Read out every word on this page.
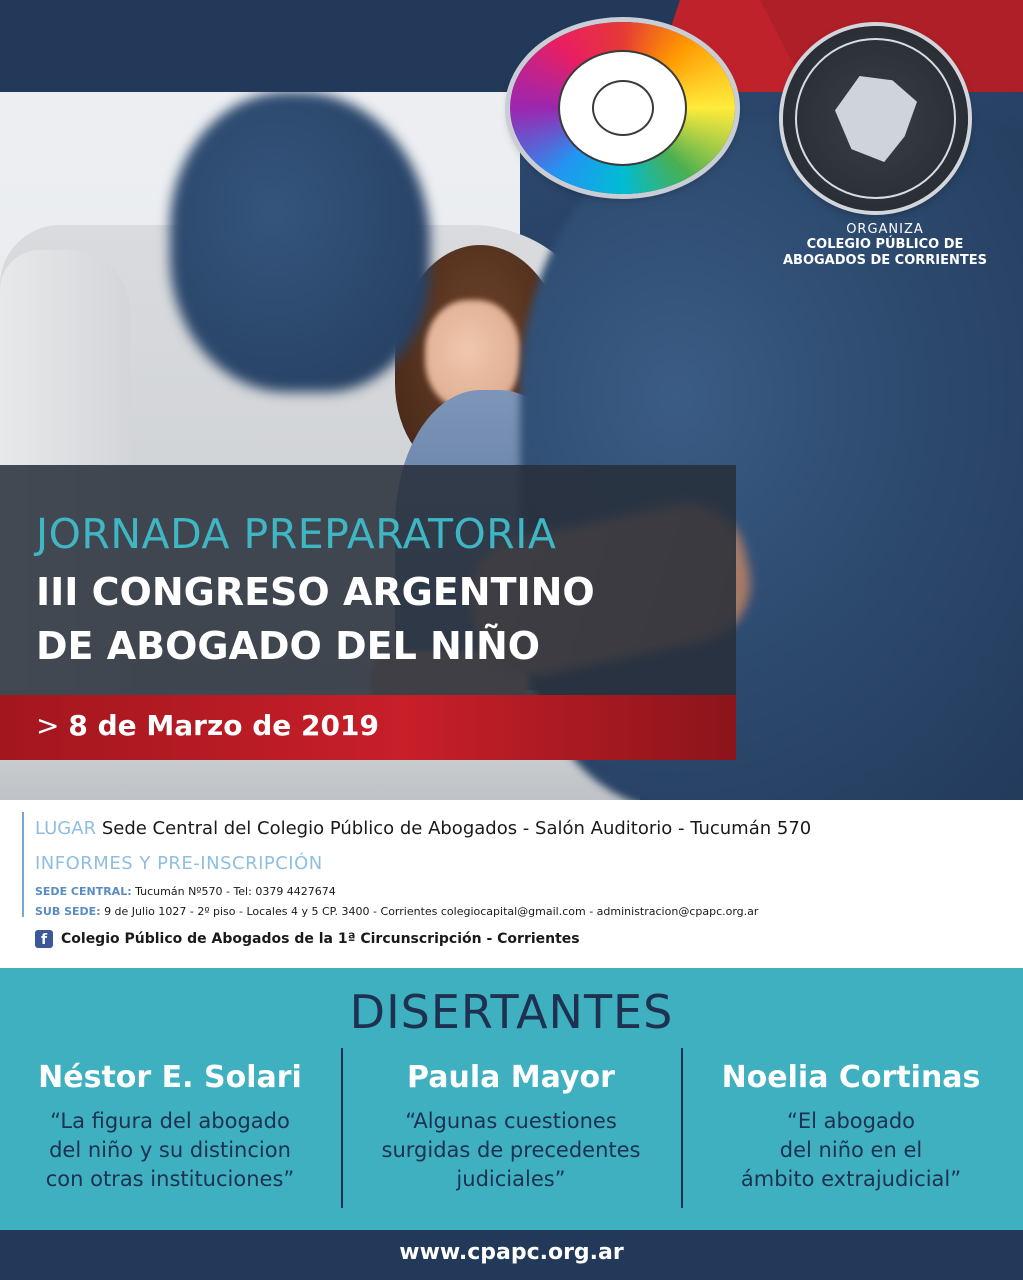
ORGANIZA
COLEGIO PÚBLICO DE
ABOGADOS DE CORRIENTES
JORNADA PREPARATORIA
III CONGRESO ARGENTINO
DE ABOGADO DEL NIÑO
> 8 de Marzo de 2019
LUGAR Sede Central del Colegio Público de Abogados - Salón Auditorio - Tucumán 570
INFORMES Y PRE-INSCRIPCIÓN
SEDE CENTRAL: Tucumán Nº570 - Tel: 0379 4427674
SUB SEDE: 9 de Julio 1027 - 2º piso - Locales 4 y 5 CP. 3400 - Corrientes colegiocapital@gmail.com - administracion@cpapc.org.ar
f Colegio Público de Abogados de la 1ª Circunscripción - Corrientes
DISERTANTES
Néstor E. Solari
“La figura del abogado
del niño y su distincion
con otras instituciones”
Paula Mayor
“Algunas cuestiones
surgidas de precedentes
judiciales”
Noelia Cortinas
“El abogado
del niño en el
ámbito extrajudicial”
www.cpapc.org.ar
